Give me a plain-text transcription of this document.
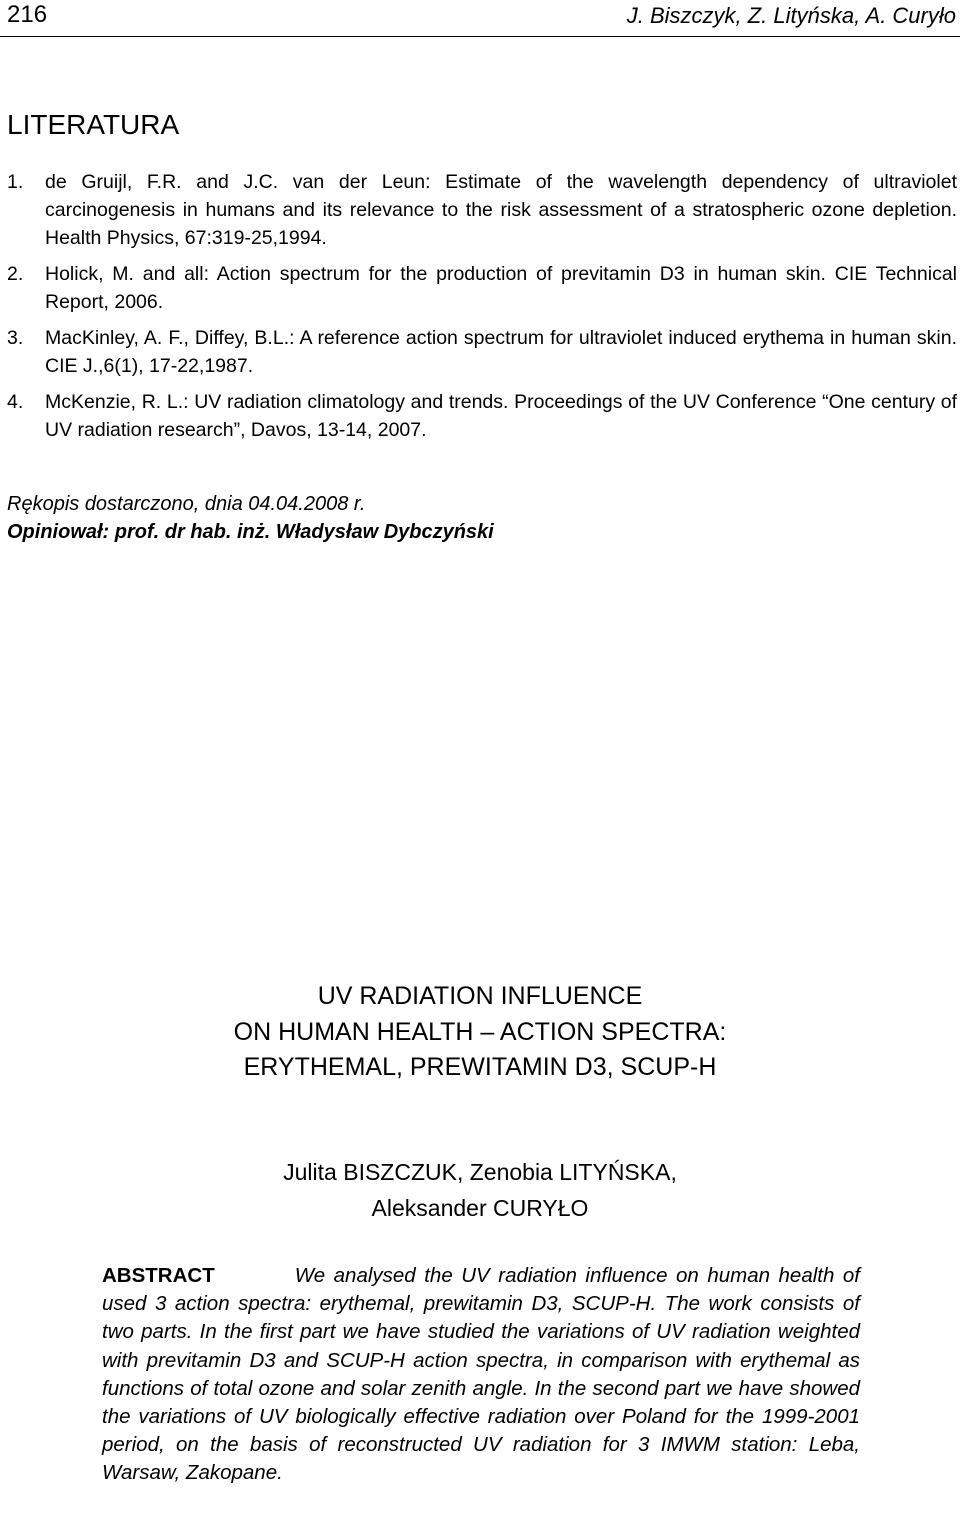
216	J. Biszczyk, Z. Lityńska, A. Curyło
LITERATURA
1. de Gruijl, F.R. and J.C. van der Leun: Estimate of the wavelength dependency of ultraviolet carcinogenesis in humans and its relevance to the risk assessment of a stratospheric ozone depletion. Health Physics, 67:319-25,1994.
2. Holick, M. and all: Action spectrum for the production of previtamin D3 in human skin. CIE Technical Report, 2006.
3. MacKinley, A. F., Diffey, B.L.: A reference action spectrum for ultraviolet induced erythema in human skin. CIE J.,6(1), 17-22,1987.
4. McKenzie, R. L.: UV radiation climatology and trends. Proceedings of the UV Conference “One century of UV radiation research”, Davos, 13-14, 2007.
Rękopis dostarczono, dnia 04.04.2008 r.
Opiniował: prof. dr hab. inż. Władysław Dybczyński
UV RADIATION INFLUENCE
ON HUMAN HEALTH – ACTION SPECTRA:
ERYTHEMAL, PREWITAMIN D3, SCUP-H
Julita BISZCZUK, Zenobia LITYŃSKA,
Aleksander CURYŁO
ABSTRACT	We analysed the UV radiation influence on human health of used 3 action spectra: erythemal, prewitamin D3, SCUP-H. The work consists of two parts. In the first part we have studied the variations of UV radiation weighted with previtamin D3 and SCUP-H action spectra, in comparison with erythemal as functions of total ozone and solar zenith angle. In the second part we have showed the variations of UV biologically effective radiation over Poland for the 1999-2001 period, on the basis of reconstructed UV radiation for 3 IMWM station: Leba, Warsaw, Zakopane.
